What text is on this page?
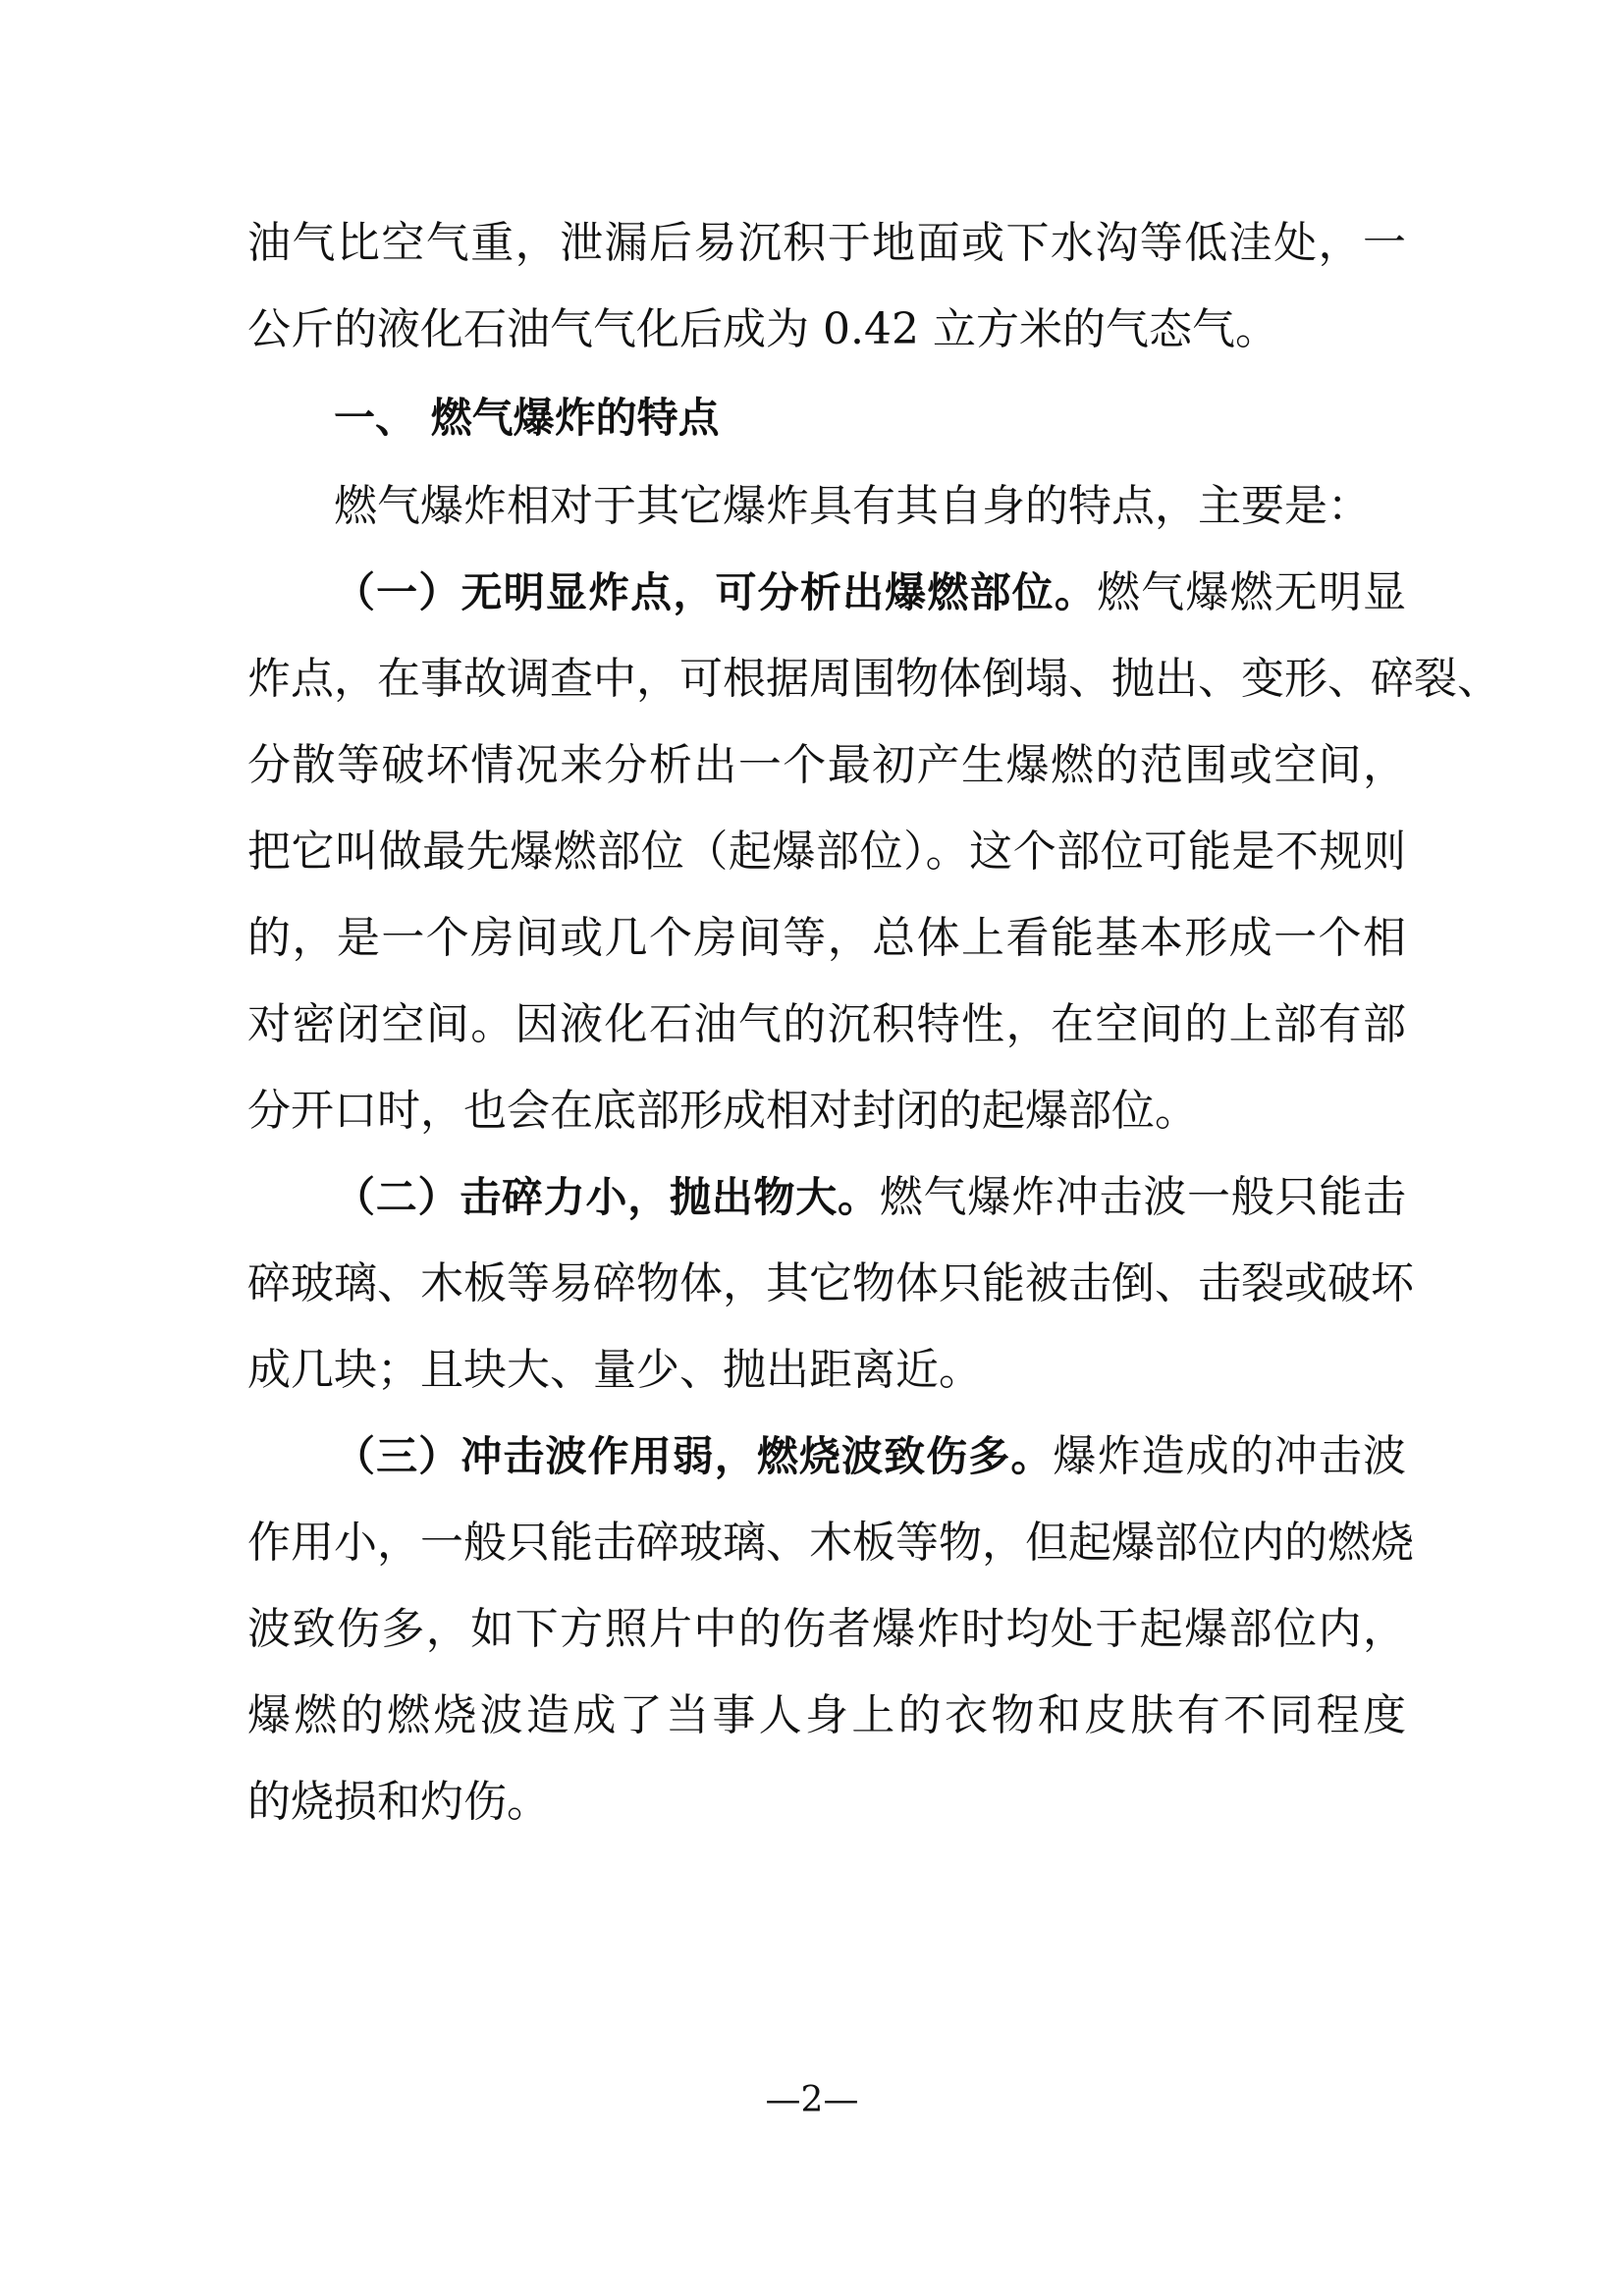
油气比空气重，泄漏后易沉积于地面或下水沟等低洼处，一
公斤的液化石油气气化后成为 0.42 立方米的气态气。
一、 燃气爆炸的特点
燃气爆炸相对于其它爆炸具有其自身的特点，主要是：
（一）无明显炸点，可分析出爆燃部位。燃气爆燃无明显
炸点，在事故调查中，可根据周围物体倒塌、抛出、变形、碎裂、
分散等破坏情况来分析出一个最初产生爆燃的范围或空间，
把它叫做最先爆燃部位（起爆部位）。这个部位可能是不规则
的，是一个房间或几个房间等，总体上看能基本形成一个相
对密闭空间。因液化石油气的沉积特性，在空间的上部有部
分开口时，也会在底部形成相对封闭的起爆部位。
（二）击碎力小，抛出物大。燃气爆炸冲击波一般只能击
碎玻璃、木板等易碎物体，其它物体只能被击倒、击裂或破坏
成几块；且块大、量少、抛出距离近。
（三）冲击波作用弱，燃烧波致伤多。爆炸造成的冲击波
作用小，一般只能击碎玻璃、木板等物，但起爆部位内的燃烧
波致伤多，如下方照片中的伤者爆炸时均处于起爆部位内，
爆燃的燃烧波造成了当事人身上的衣物和皮肤有不同程度
的烧损和灼伤。
—2—
